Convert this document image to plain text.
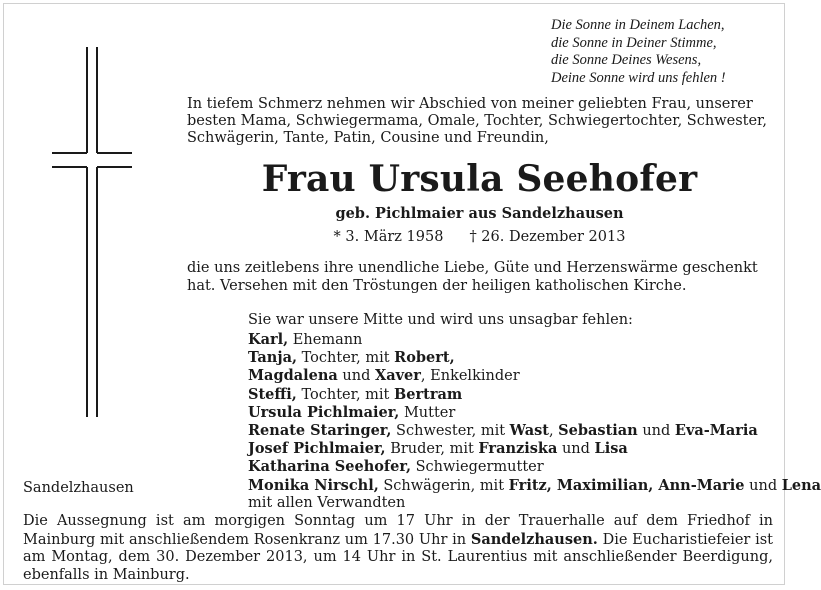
Die Sonne in Deinem Lachen,
die Sonne in Deiner Stimme,
die Sonne Deines Wesens,
Deine Sonne wird uns fehlen !
In tiefem Schmerz nehmen wir Abschied von meiner geliebten Frau, unserer besten Mama, Schwiegermama, Omale, Tochter, Schwiegertochter, Schwester, Schwägerin, Tante, Patin, Cousine und Freundin,
Frau Ursula Seehofer
geb. Pichlmaier aus Sandelzhausen
* 3. März 1958 † 26. Dezember 2013
die uns zeitlebens ihre unendliche Liebe, Güte und Herzenswärme geschenkt hat. Versehen mit den Tröstungen der heiligen katholischen Kirche.
Sie war unsere Mitte und wird uns unsagbar fehlen:
Karl, Ehemann
Tanja, Tochter, mit Robert,
Magdalena und Xaver, Enkelkinder
Steffi, Tochter, mit Bertram
Ursula Pichlmaier, Mutter
Renate Staringer, Schwester, mit Wast, Sebastian und Eva-Maria
Josef Pichlmaier, Bruder, mit Franziska und Lisa
Katharina Seehofer, Schwiegermutter
Monika Nirschl, Schwägerin, mit Fritz, Maximilian, Ann-Marie und Lena
mit allen Verwandten
Sandelzhausen
Die Aussegnung ist am morgigen Sonntag um 17 Uhr in der Trauerhalle auf dem Friedhof in Mainburg mit anschließendem Rosenkranz um 17.30 Uhr in Sandelzhausen. Die Eucharistiefeier ist am Montag, dem 30. Dezember 2013, um 14 Uhr in St. Laurentius mit anschließender Beerdigung, ebenfalls in Mainburg.
